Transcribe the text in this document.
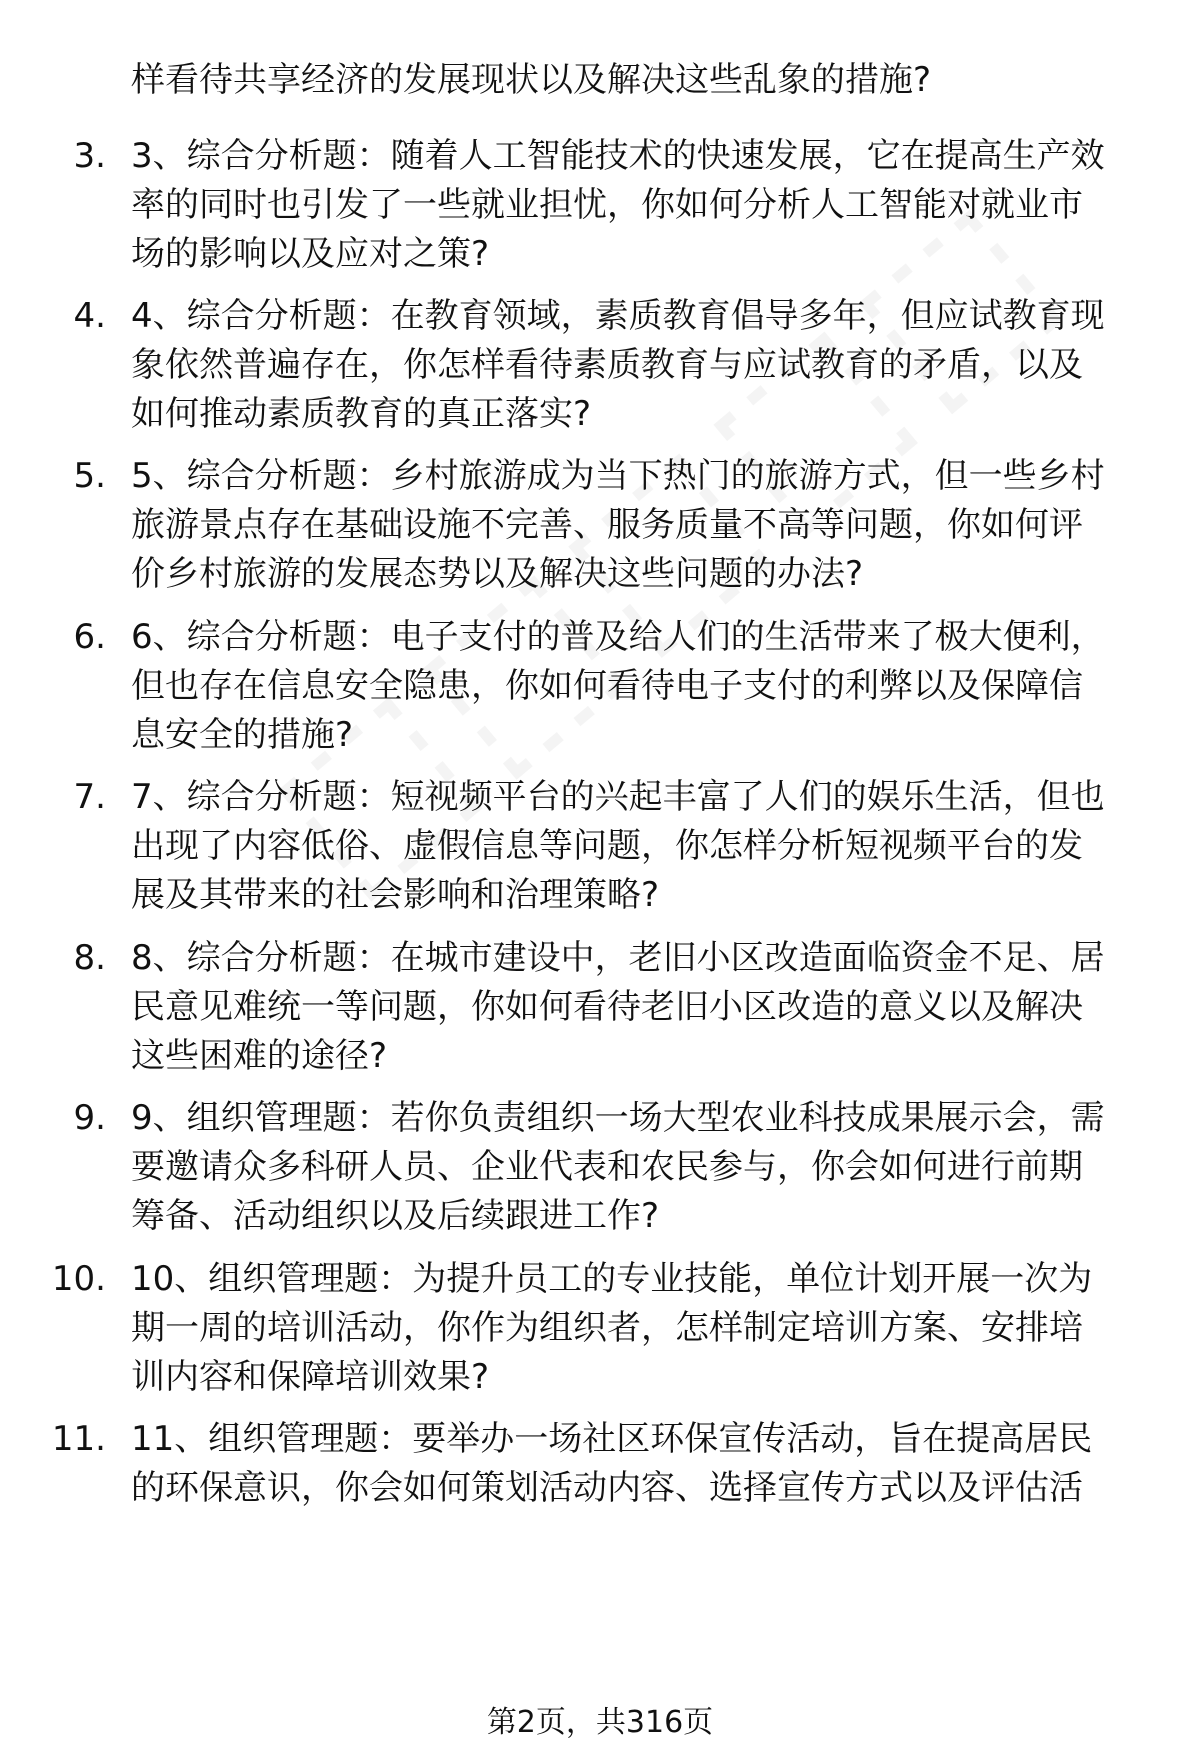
样看待共享经济的发展现状以及解决这些乱象的措施?
3. 3、综合分析题：随着人工智能技术的快速发展，它在提高生产效
率的同时也引发了一些就业担忧，你如何分析人工智能对就业市
场的影响以及应对之策?
4. 4、综合分析题：在教育领域，素质教育倡导多年，但应试教育现
象依然普遍存在，你怎样看待素质教育与应试教育的矛盾，以及
如何推动素质教育的真正落实?
5. 5、综合分析题：乡村旅游成为当下热门的旅游方式，但一些乡村
旅游景点存在基础设施不完善、服务质量不高等问题，你如何评
价乡村旅游的发展态势以及解决这些问题的办法?
6. 6、综合分析题：电子支付的普及给人们的生活带来了极大便利，
但也存在信息安全隐患，你如何看待电子支付的利弊以及保障信
息安全的措施?
7. 7、综合分析题：短视频平台的兴起丰富了人们的娱乐生活，但也
出现了内容低俗、虚假信息等问题，你怎样分析短视频平台的发
展及其带来的社会影响和治理策略?
8. 8、综合分析题：在城市建设中，老旧小区改造面临资金不足、居
民意见难统一等问题，你如何看待老旧小区改造的意义以及解决
这些困难的途径?
9. 9、组织管理题：若你负责组织一场大型农业科技成果展示会，需
要邀请众多科研人员、企业代表和农民参与，你会如何进行前期
筹备、活动组织以及后续跟进工作?
10. 10、组织管理题：为提升员工的专业技能，单位计划开展一次为
期一周的培训活动，你作为组织者，怎样制定培训方案、安排培
训内容和保障培训效果?
11. 11、组织管理题：要举办一场社区环保宣传活动，旨在提高居民
的环保意识，你会如何策划活动内容、选择宣传方式以及评估活
第2页，共316页
